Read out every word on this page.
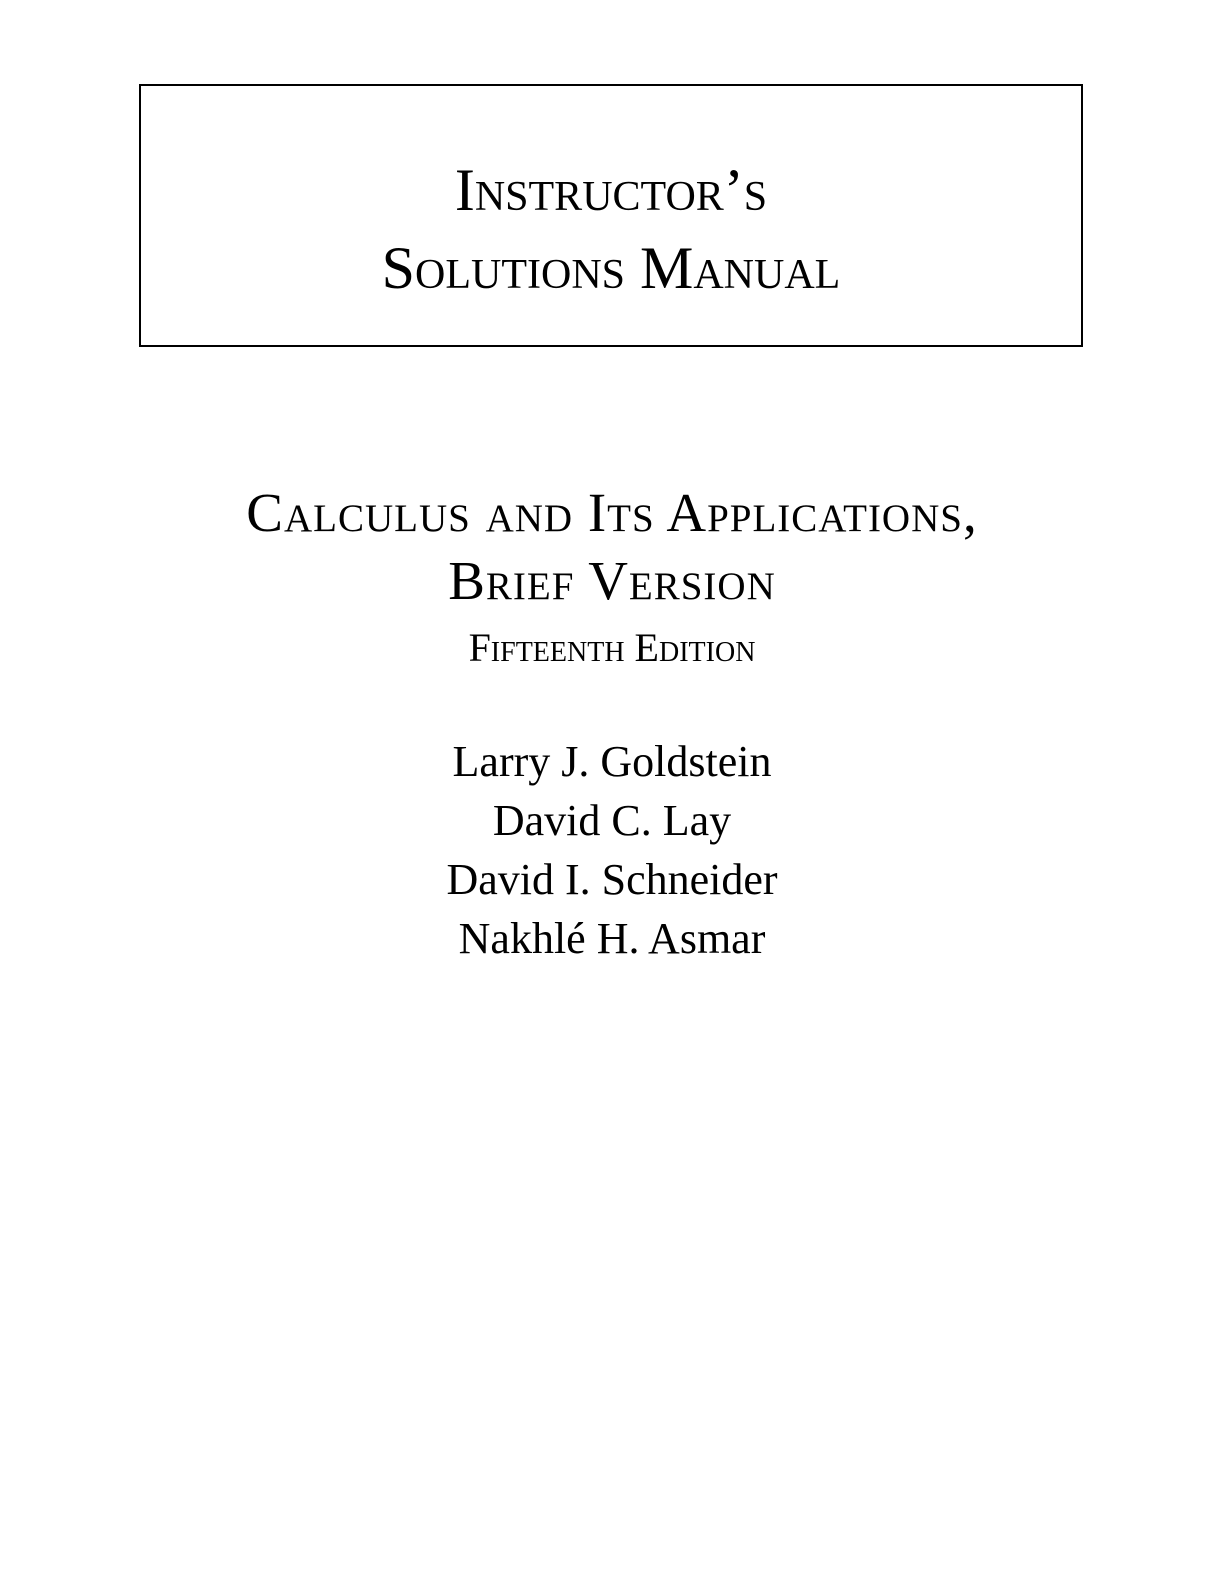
Instructor’s
Solutions Manual
Calculus and Its Applications,
Brief Version
Fifteenth Edition
Larry J. Goldstein
David C. Lay
David I. Schneider
Nakhlé H. Asmar
